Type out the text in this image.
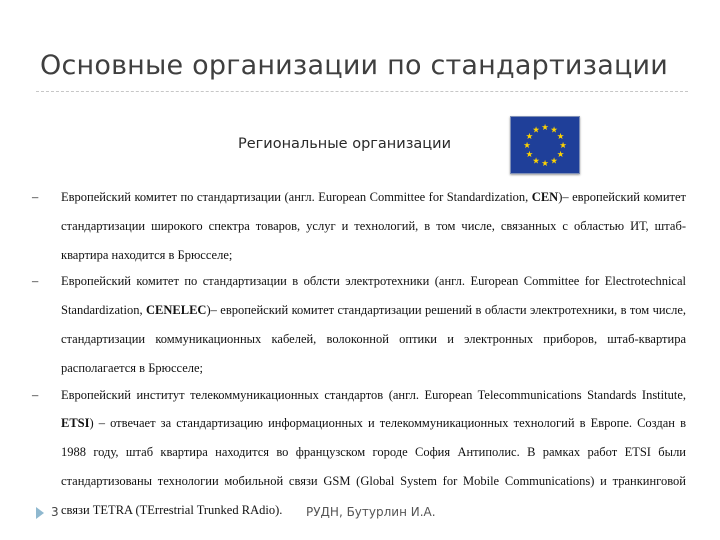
Основные организации по стандартизации
Региональные организации
★ ★
★
★
★
★
★
★
★
★
★
★
–	Европейский комитет по стандартизации (англ. European Committee for Standardization, CEN)– европейский комитет стандартизации широкого спектра товаров, услуг и технологий, в том числе, связанных с областью ИТ, штаб-квартира находится в Брюсселе;
–	Европейский комитет по стандартизации в облсти электротехники (англ. European Committee for Electrotechnical Standardization, CENELEC)– европейский комитет стандартизации решений в области электротехники, в том числе, стандартизации коммуникационных кабелей, волоконной оптики и электронных приборов, штаб-квартира располагается в Брюсселе;
–	Европейский институт телекоммуникационных стандартов (англ. European Telecommunications Standards Institute, ETSI) – отвечает за стандартизацию информационных и телекоммуникационных технологий в Европе. Создан в 1988 году, штаб квартира находится во французском городе София Антиполис. В рамках работ ETSI были стандартизованы технологии мобильной связи GSM (Global System for Mobile Communications) и транкинговой связи TETRA (TErrestrial Trunked RAdio).
3	РУДН, Бутурлин И.А.
